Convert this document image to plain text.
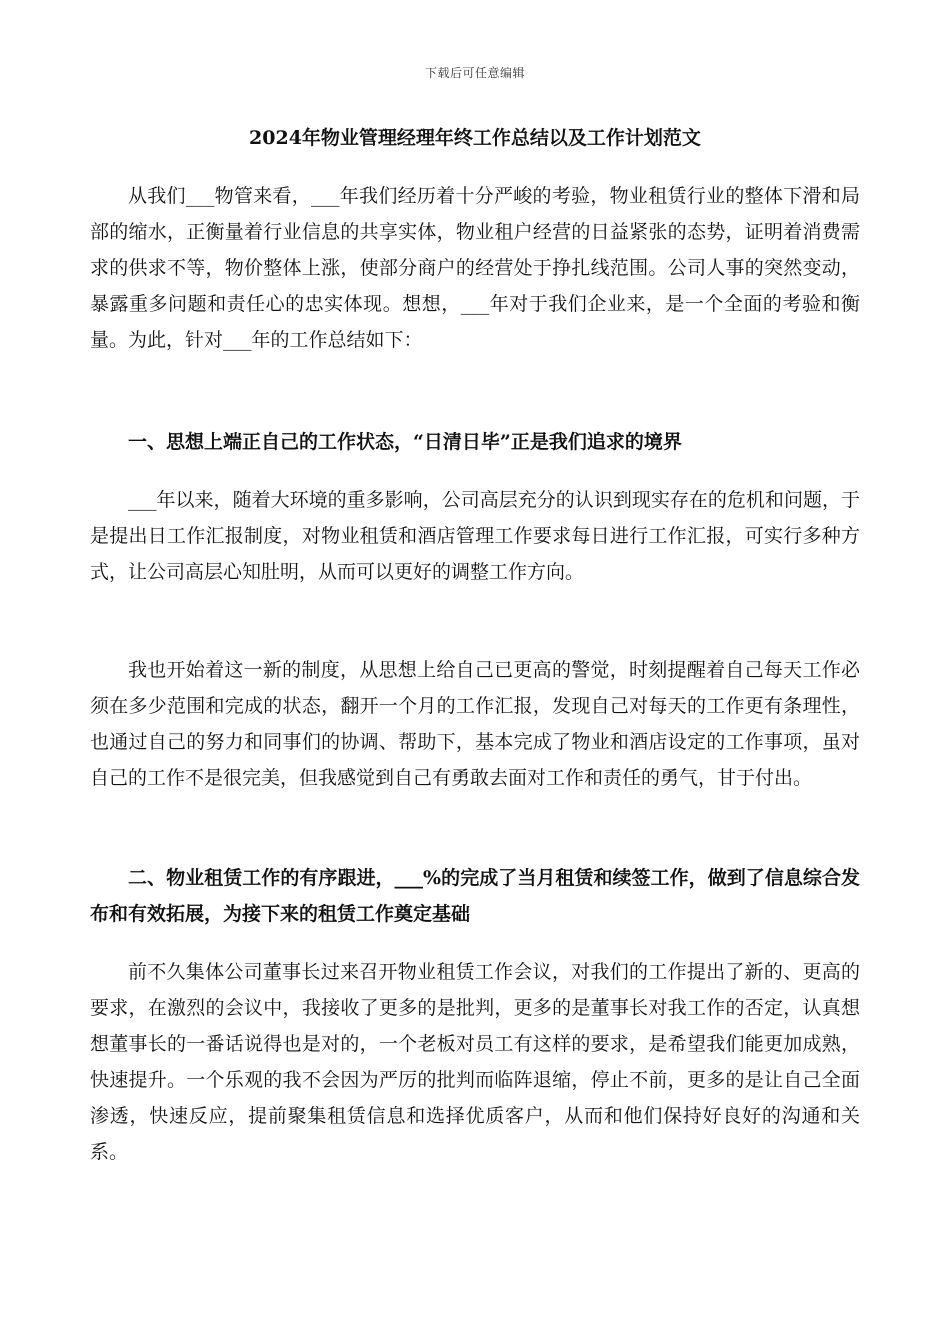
下载后可任意编辑
2024年物业管理经理年终工作总结以及工作计划范文

从我们___物管来看，___年我们经历着十分严峻的考验，物业租赁行业的整体下滑和局部的缩水，正衡量着行业信息的共享实体，物业租户经营的日益紧张的态势，证明着消费需求的供求不等，物价整体上涨，使部分商户的经营处于挣扎线范围。公司人事的突然变动，暴露重多问题和责任心的忠实体现。想想，___年对于我们企业来，是一个全面的考验和衡量。为此，针对___年的工作总结如下：

一、思想上端正自己的工作状态，“日清日毕”正是我们追求的境界

___年以来，随着大环境的重多影响，公司高层充分的认识到现实存在的危机和问题，于是提出日工作汇报制度，对物业租赁和酒店管理工作要求每日进行工作汇报，可实行多种方式，让公司高层心知肚明，从而可以更好的调整工作方向。

我也开始着这一新的制度，从思想上给自己已更高的警觉，时刻提醒着自己每天工作必须在多少范围和完成的状态，翻开一个月的工作汇报，发现自己对每天的工作更有条理性，也通过自己的努力和同事们的协调、帮助下，基本完成了物业和酒店设定的工作事项，虽对自己的工作不是很完美，但我感觉到自己有勇敢去面对工作和责任的勇气，甘于付出。

二、物业租赁工作的有序跟进，___%的完成了当月租赁和续签工作，做到了信息综合发布和有效拓展，为接下来的租赁工作奠定基础

前不久集体公司董事长过来召开物业租赁工作会议，对我们的工作提出了新的、更高的要求，在激烈的会议中，我接收了更多的是批判，更多的是董事长对我工作的否定，认真想想董事长的一番话说得也是对的，一个老板对员工有这样的要求，是希望我们能更加成熟，快速提升。一个乐观的我不会因为严厉的批判而临阵退缩，停止不前，更多的是让自己全面渗透，快速反应，提前聚集租赁信息和选择优质客户，从而和他们保持好良好的沟通和关系。
